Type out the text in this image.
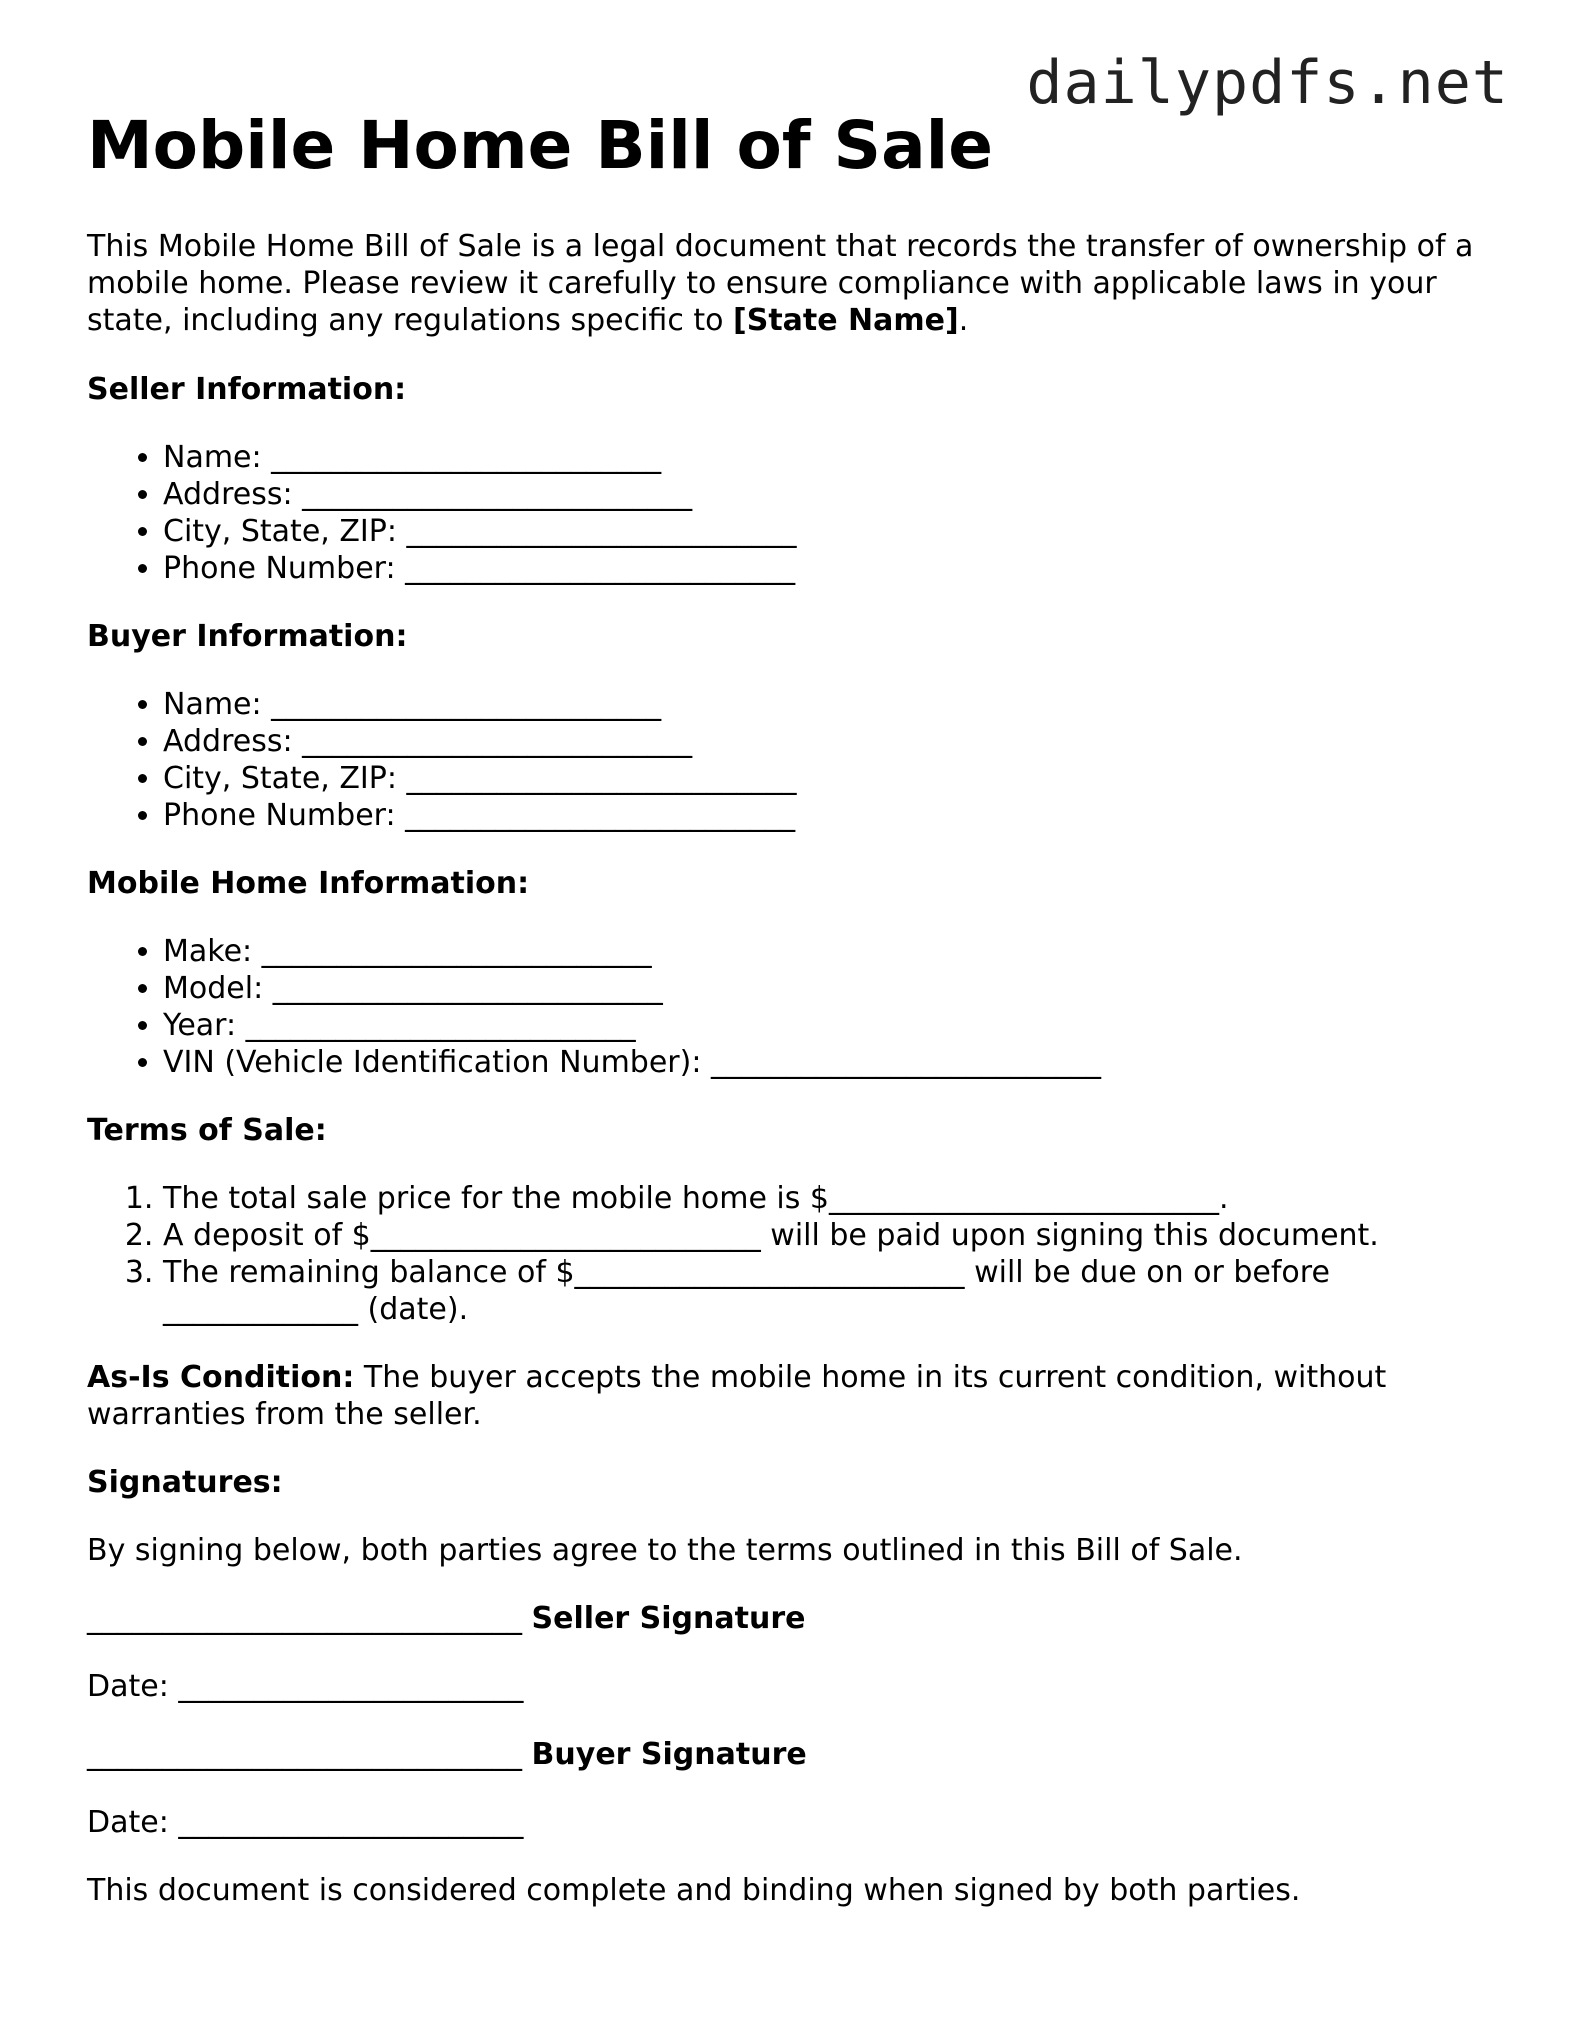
dailypdfs.net
Mobile Home Bill of Sale

This Mobile Home Bill of Sale is a legal document that records the transfer of ownership of a mobile home. Please review it carefully to ensure compliance with applicable laws in your state, including any regulations specific to [State Name].

Seller Information:

• Name: __________________________
• Address: __________________________
• City, State, ZIP: __________________________
• Phone Number: __________________________

Buyer Information:

• Name: __________________________
• Address: __________________________
• City, State, ZIP: __________________________
• Phone Number: __________________________

Mobile Home Information:

• Make: __________________________
• Model: __________________________
• Year: __________________________
• VIN (Vehicle Identification Number): __________________________

Terms of Sale:

1. The total sale price for the mobile home is $__________________________.
2. A deposit of $__________________________ will be paid upon signing this document.
3. The remaining balance of $__________________________ will be due on or before _____________ (date).

As-Is Condition: The buyer accepts the mobile home in its current condition, without warranties from the seller.

Signatures:

By signing below, both parties agree to the terms outlined in this Bill of Sale.

_____________________________ Seller Signature

Date: _______________________

_____________________________ Buyer Signature

Date: _______________________

This document is considered complete and binding when signed by both parties.
